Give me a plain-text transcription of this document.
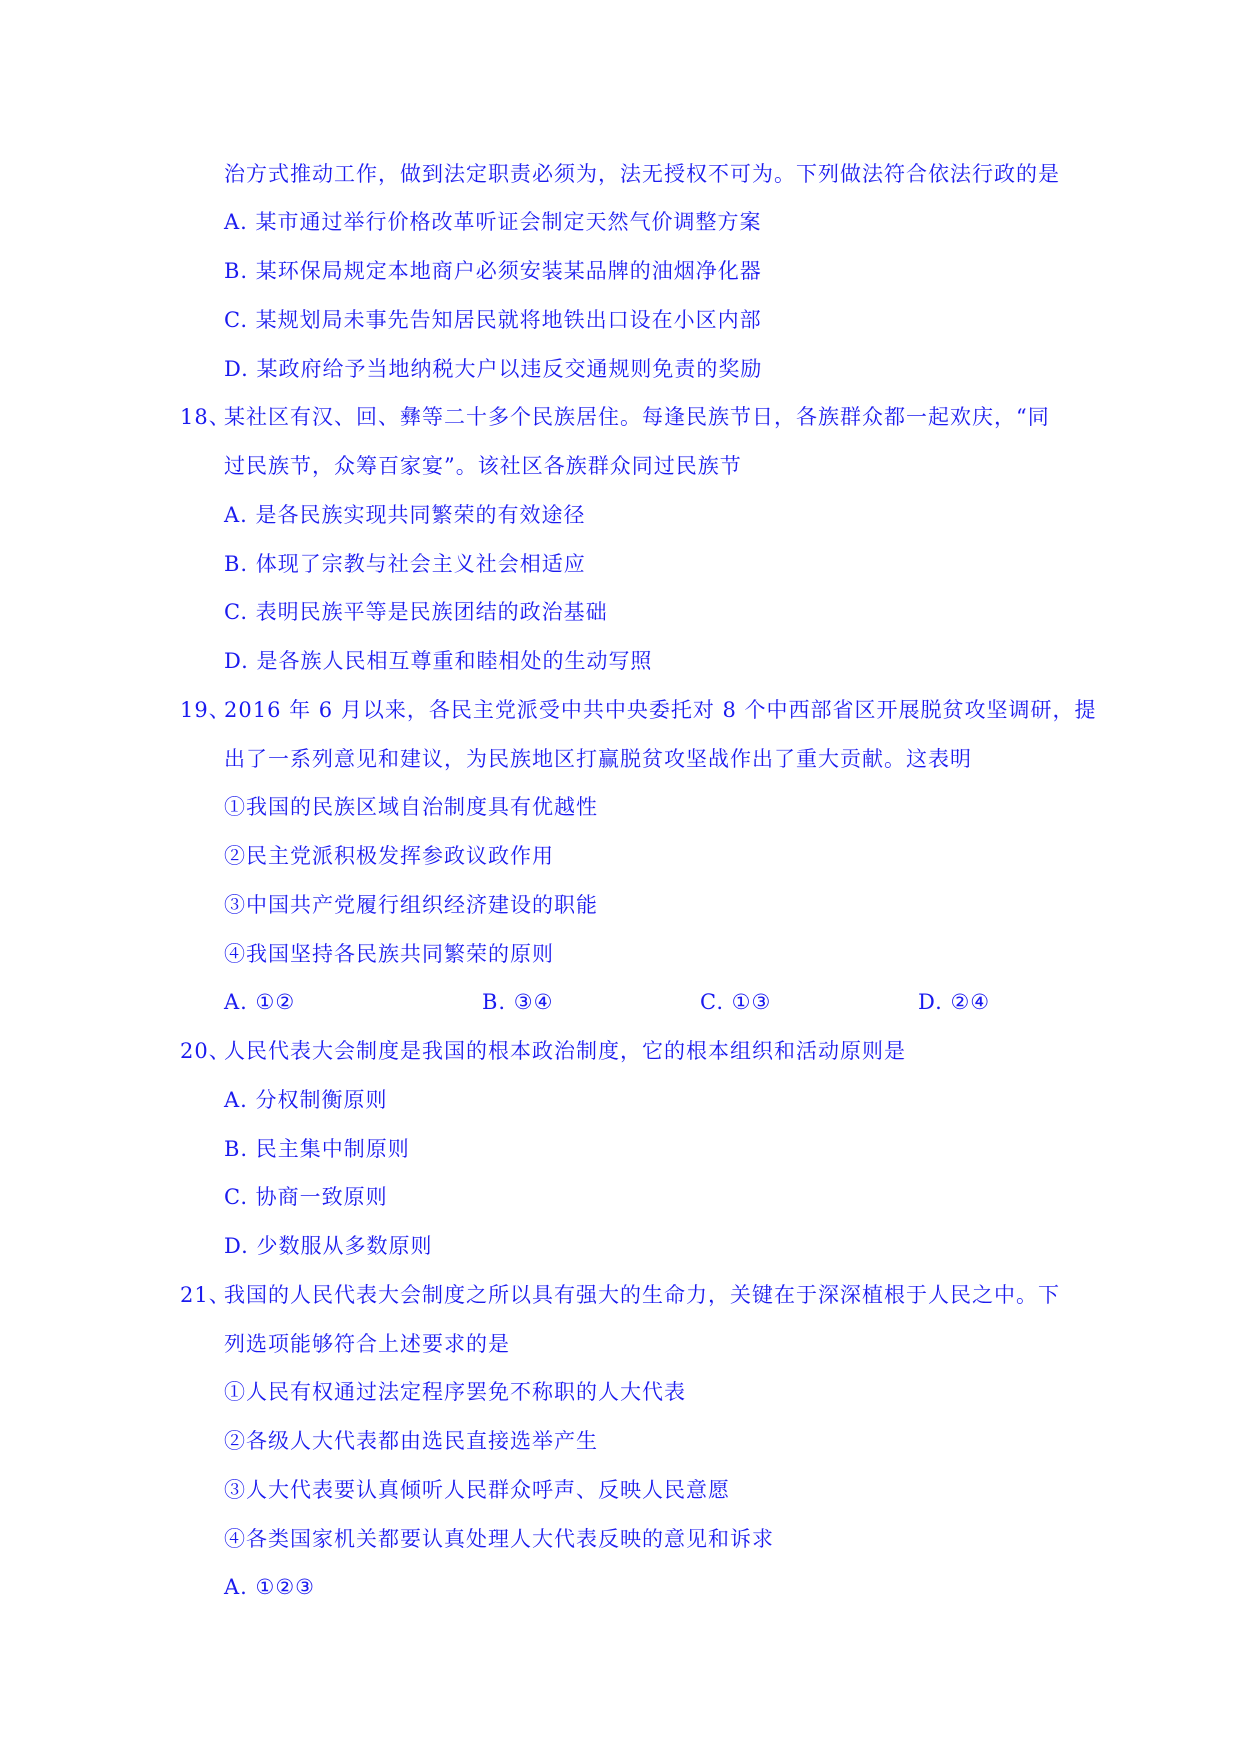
治方式推动工作，做到法定职责必须为，法无授权不可为。下列做法符合依法行政的是
A. 某市通过举行价格改革听证会制定天然气价调整方案
B. 某环保局规定本地商户必须安装某品牌的油烟净化器
C. 某规划局未事先告知居民就将地铁出口设在小区内部
D. 某政府给予当地纳税大户以违反交通规则免责的奖励
18、
某社区有汉、回、彝等二十多个民族居住。每逢民族节日，各族群众都一起欢庆，“同
过民族节，众筹百家宴”。该社区各族群众同过民族节
A. 是各民族实现共同繁荣的有效途径
B. 体现了宗教与社会主义社会相适应
C. 表明民族平等是民族团结的政治基础
D. 是各族人民相互尊重和睦相处的生动写照
19、
2016 年 6 月以来，各民主党派受中共中央委托对 8 个中西部省区开展脱贫攻坚调研，提
出了一系列意见和建议，为民族地区打赢脱贫攻坚战作出了重大贡献。这表明
①我国的民族区域自治制度具有优越性
②民主党派积极发挥参政议政作用
③中国共产党履行组织经济建设的职能
④我国坚持各民族共同繁荣的原则
A. ①②	B. ③④	C. ①③	D. ②④
20、
人民代表大会制度是我国的根本政治制度，它的根本组织和活动原则是
A. 分权制衡原则
B. 民主集中制原则
C. 协商一致原则
D. 少数服从多数原则
21、
我国的人民代表大会制度之所以具有强大的生命力，关键在于深深植根于人民之中。下
列选项能够符合上述要求的是
①人民有权通过法定程序罢免不称职的人大代表
②各级人大代表都由选民直接选举产生
③人大代表要认真倾听人民群众呼声、反映人民意愿
④各类国家机关都要认真处理人大代表反映的意见和诉求
A. ①②③
